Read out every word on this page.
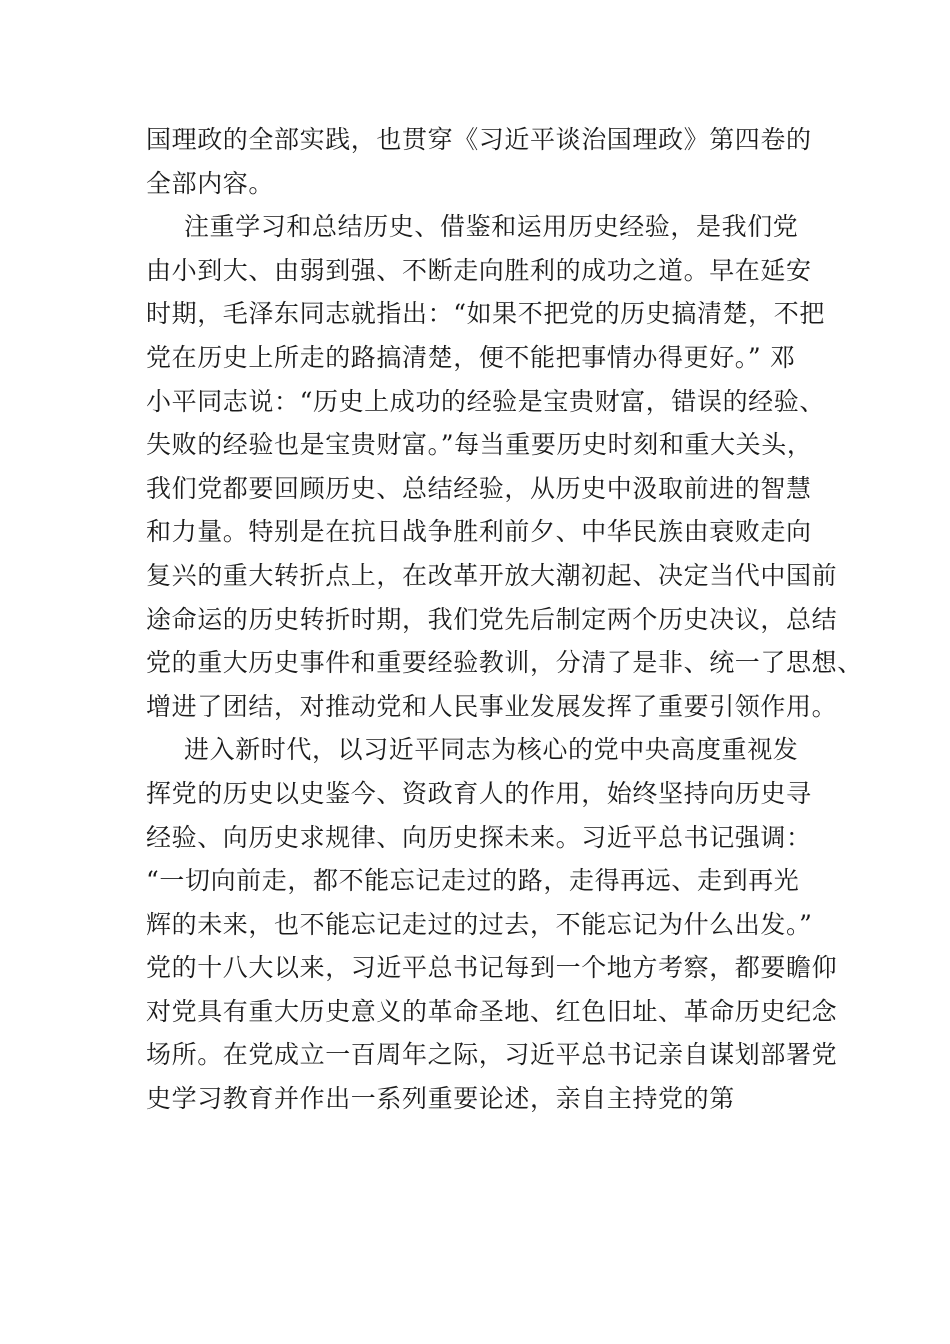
国理政的全部实践，也贯穿《习近平谈治国理政》第四卷的
全部内容。
注重学习和总结历史、借鉴和运用历史经验，是我们党
由小到大、由弱到强、不断走向胜利的成功之道。早在延安
时期，毛泽东同志就指出：“如果不把党的历史搞清楚，不把
党在历史上所走的路搞清楚，便不能把事情办得更好。” 邓
小平同志说：“历史上成功的经验是宝贵财富，错误的经验、
失败的经验也是宝贵财富。”每当重要历史时刻和重大关头，
我们党都要回顾历史、总结经验，从历史中汲取前进的智慧
和力量。特别是在抗日战争胜利前夕、中华民族由衰败走向
复兴的重大转折点上，在改革开放大潮初起、决定当代中国前
途命运的历史转折时期，我们党先后制定两个历史决议，总结
党的重大历史事件和重要经验教训，分清了是非、统一了思想、
增进了团结，对推动党和人民事业发展发挥了重要引领作用。
进入新时代，以习近平同志为核心的党中央高度重视发
挥党的历史以史鉴今、资政育人的作用，始终坚持向历史寻
经验、向历史求规律、向历史探未来。习近平总书记强调：
“一切向前走，都不能忘记走过的路，走得再远、走到再光
辉的未来，也不能忘记走过的过去，不能忘记为什么出发。”
党的十八大以来，习近平总书记每到一个地方考察，都要瞻仰
对党具有重大历史意义的革命圣地、红色旧址、革命历史纪念
场所。在党成立一百周年之际，习近平总书记亲自谋划部署党
史学习教育并作出一系列重要论述，亲自主持党的第
